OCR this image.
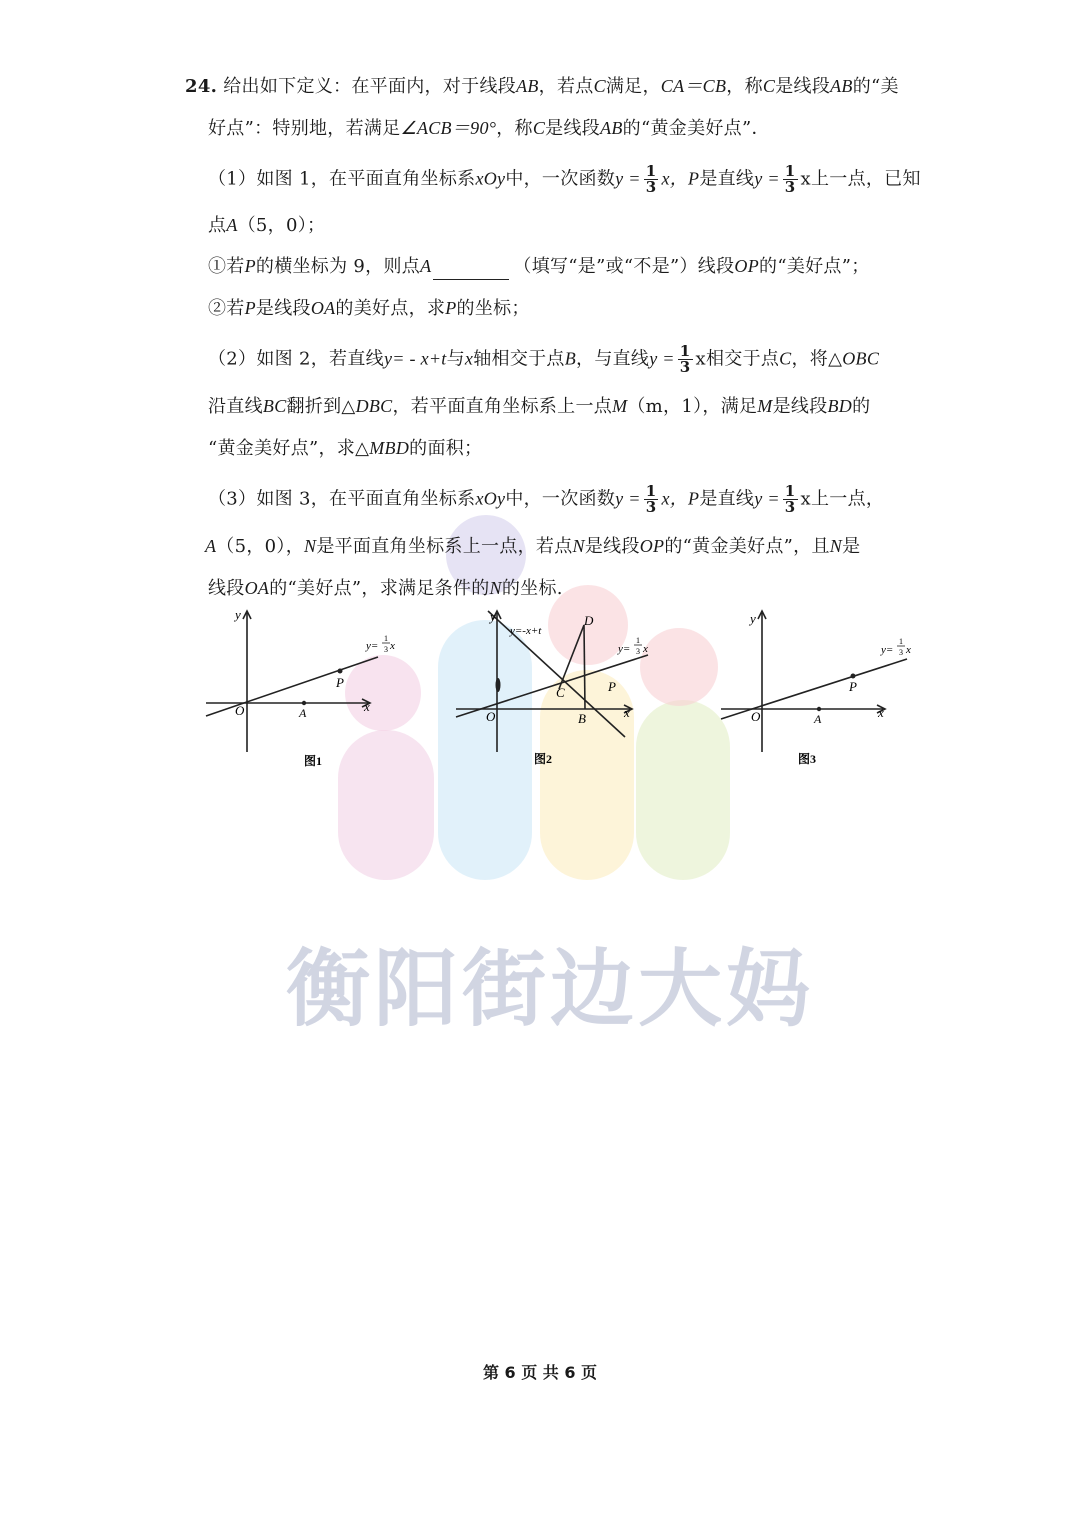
衡阳街边大妈
24. 给出如下定义：在平面内，对于线段AB，若点C满足，CA＝CB，称C是线段AB的“美
好点”：特别地，若满足∠ACB＝90°，称C是线段AB的“黄金美好点”．
（1）如图 1，在平面直角坐标系xOy中，一次函数$y = \frac{1}{3}$ x，P是直线$y = \frac{1}{3}$ x上一点，已知
点A（5，0）；
①若P的横坐标为 9，则点A	（填写“是”或“不是”）线段OP的“美好点”；
②若P是线段OA的美好点，求P的坐标；
（2）如图 2，若直线y= - x+t与x轴相交于点B，与直线$y = \frac{1}{3}$ x相交于点C，将△OBC
沿直线BC翻折到△DBC，若平面直角坐标系上一点M（m，1），满足M是线段BD的
“黄金美好点”，求△MBD的面积；
（3）如图 3，在平面直角坐标系xOy中，一次函数$y = \frac{1}{3}$ x，P是直线$y = \frac{1}{3}$ x上一点，
A（5，0），N是平面直角坐标系上一点，若点N是线段OP的“黄金美好点”，且N是
线段OA的“美好点”，求满足条件的N的坐标.
y
x
O	A
P
y=
1
3 x
图1
y
x
O	B
C
D
P
y=-x+t
y=
1
3 x
图2
y
x
O	A
P
y=
1
3 x
图3
第 6 页 共 6 页
